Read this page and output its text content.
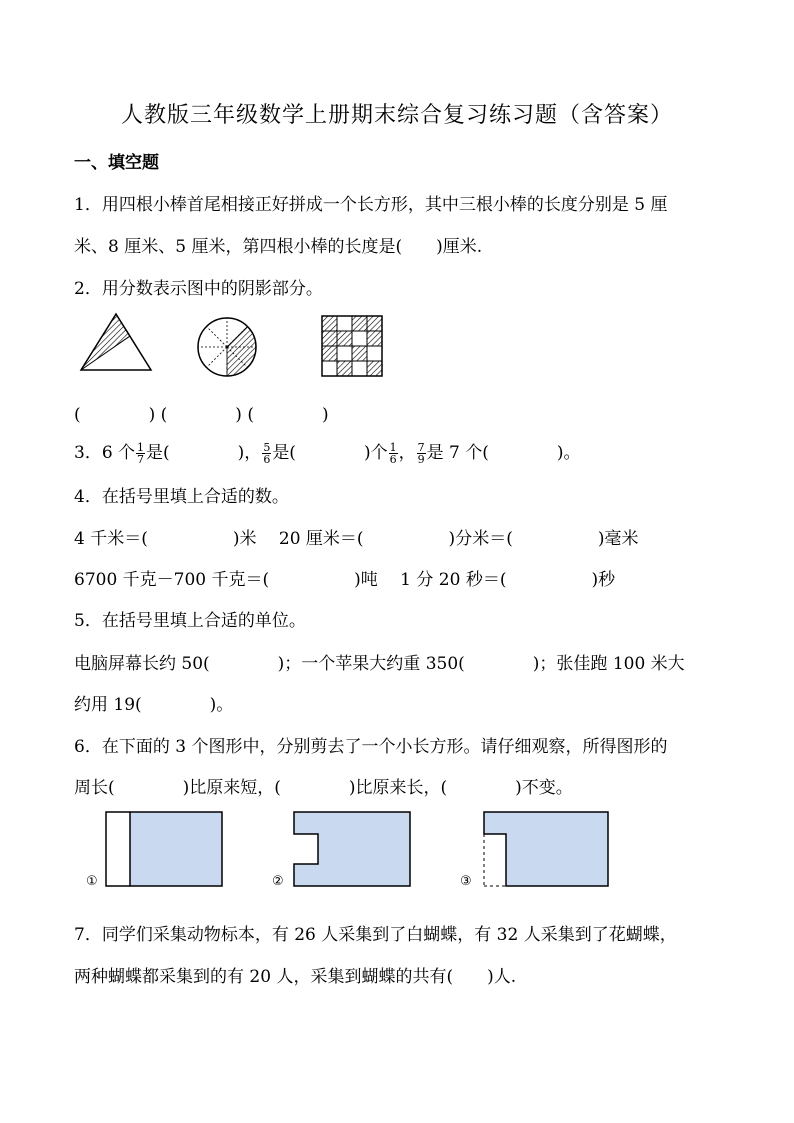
人教版三年级数学上册期末综合复习练习题（含答案）
一、填空题
1．用四根小棒首尾相接正好拼成一个长方形，其中三根小棒的长度分别是 5 厘
米、8 厘米、5 厘米，第四根小棒的长度是(　　)厘米.
2．用分数表示图中的阴影部分。
(　　　　) (　　　　) (　　　　)
3．6 个 $\frac{1}{7}$ 是(　　　　)， $\frac{5}{6}$ 是(　　　　)个 $\frac{1}{6}$ ， $\frac{7}{9}$ 是 7 个(　　　　)。
4．在括号里填上合适的数。
4 千米＝(　　　　　)米　 20 厘米＝(　　　　　)分米＝(　　　　　)毫米
6700 千克－700 千克＝(　　　　　)吨　 1 分 20 秒＝(　　　　　)秒
5．在括号里填上合适的单位。
电脑屏幕长约 50(　　　　)；一个苹果大约重 350(　　　　)；张佳跑 100 米大
约用 19(　　　　)。
6．在下面的 3 个图形中，分别剪去了一个小长方形。请仔细观察，所得图形的
周长(　　　　)比原来短，(　　　　)比原来长，(　　　　)不变。
①	②	③
7．同学们采集动物标本，有 26 人采集到了白蝴蝶，有 32 人采集到了花蝴蝶，
两种蝴蝶都采集到的有 20 人，采集到蝴蝶的共有(　　)人.
